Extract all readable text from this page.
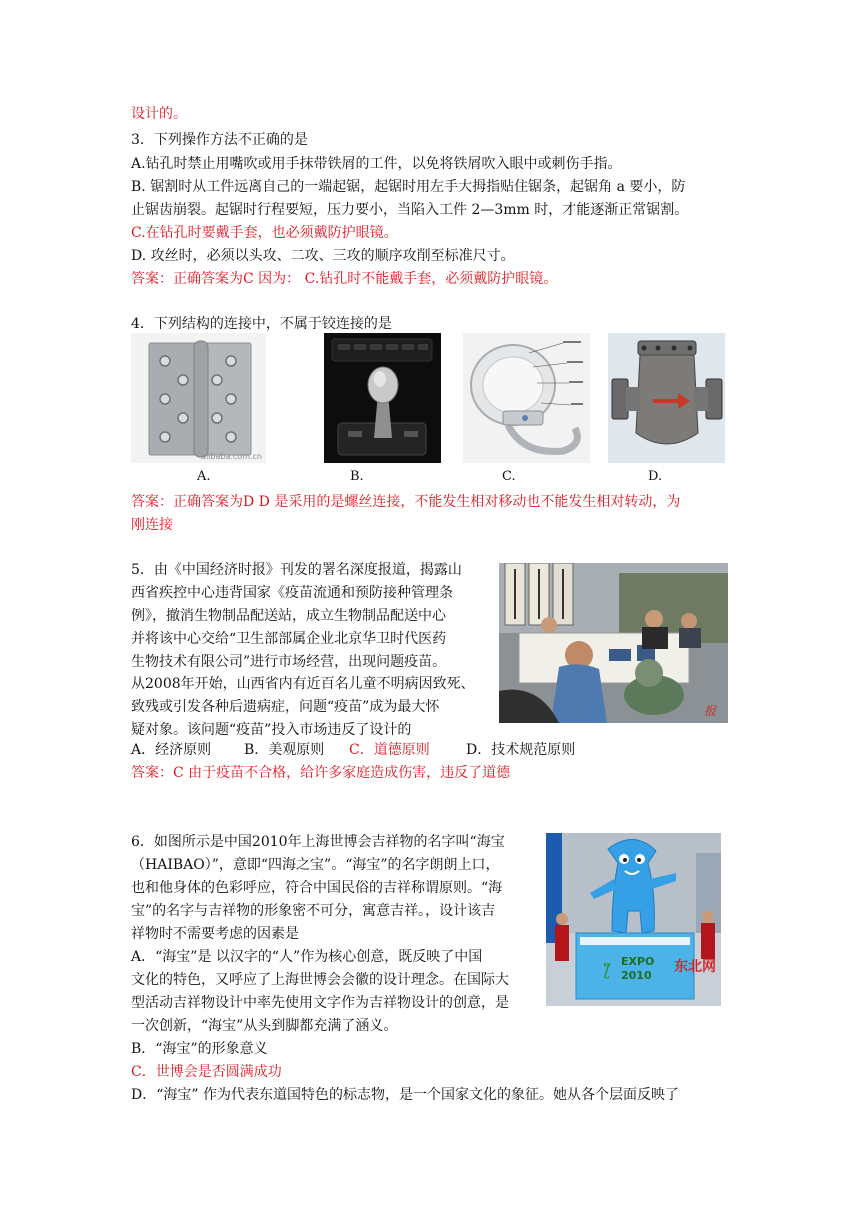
设计的。
3．下列操作方法不正确的是
A.钻孔时禁止用嘴吹或用手抹带铁屑的工件，以免将铁屑吹入眼中或刺伤手指。
B. 锯割时从工件远离自己的一端起锯，起锯时用左手大拇指贴住锯条，起锯角 a 要小，防
止锯齿崩裂。起锯时行程要短，压力要小，当陷入工件 2—3mm 时，才能逐渐正常锯割。
C.在钻孔时要戴手套，也必须戴防护眼镜。
D. 攻丝时，必须以头攻、二攻、三攻的顺序攻削至标准尺寸。
答案：正确答案为C 因为： C.钻孔时不能戴手套，必须戴防护眼镜。
4．下列结构的连接中，不属于铰连接的是
alibaba.com.cn
A.	B.	C.	D.
答案：正确答案为D D 是采用的是螺丝连接，不能发生相对移动也不能发生相对转动，为
刚连接
5．由《中国经济时报》刊发的署名深度报道，揭露山
西省疾控中心违背国家《疫苗流通和预防接种管理条
例》，撤消生物制品配送站，成立生物制品配送中心
并将该中心交给“卫生部部属企业北京华卫时代医药
生物技术有限公司”进行市场经营，出现问题疫苗。
从2008年开始，山西省内有近百名儿童不明病因致死、
致残或引发各种后遗病症，问题“疫苗”成为最大怀
疑对象。该问题“疫苗”投入市场违反了设计的
报
A．经济原则 B．美观原则 C．道德原则	D．技术规范原则
答案：C 由于疫苗不合格，给许多家庭造成伤害，违反了道德
6．如图所示是中国2010年上海世博会吉祥物的名字叫“海宝
（HAIBAO）”，意即“四海之宝”。“海宝”的名字朗朗上口，
也和他身体的色彩呼应，符合中国民俗的吉祥称谓原则。“海
宝”的名字与吉祥物的形象密不可分，寓意吉祥。，设计该吉
祥物时不需要考虑的因素是
A．“海宝”是 以汉字的“人”作为核心创意，既反映了中国
文化的特色，又呼应了上海世博会会徽的设计理念。在国际大
型活动吉祥物设计中率先使用文字作为吉祥物设计的创意，是
一次创新，“海宝”从头到脚都充满了涵义。
B．“海宝”的形象意义
C．世博会是否圆满成功
D．“海宝” 作为代表东道国特色的标志物，是一个国家文化的象征。她从各个层面反映了
ƪ	东北网
EXPO
2010
